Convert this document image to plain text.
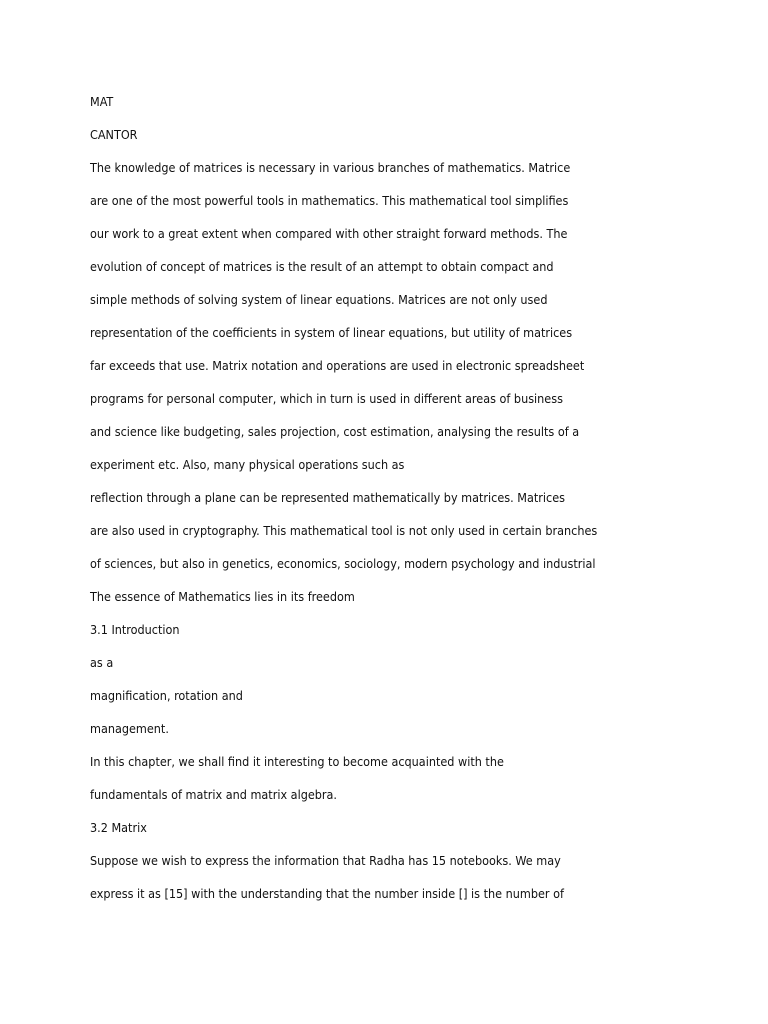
MAT

CANTOR

The knowledge of matrices is necessary in various branches of mathematics. Matrice

are one of the most powerful tools in mathematics. This mathematical tool simplifies

our work to a great extent when compared with other straight forward methods. The

evolution of concept of matrices is the result of an attempt to obtain compact and

simple methods of solving system of linear equations. Matrices are not only used

representation of the coefficients in system of linear equations, but utility of matrices

far exceeds that use. Matrix notation and operations are used in electronic spreadsheet

programs for personal computer, which in turn is used in different areas of business

and science like budgeting, sales projection, cost estimation, analysing the results of a

experiment etc. Also, many physical operations such as

reflection through a plane can be represented mathematically by matrices. Matrices

are also used in cryptography. This mathematical tool is not only used in certain branches

of sciences, but also in genetics, economics, sociology, modern psychology and industrial

The essence of Mathematics lies in its freedom

3.1 Introduction

as a

magnification, rotation and

management.

In this chapter, we shall find it interesting to become acquainted with the

fundamentals of matrix and matrix algebra.

3.2 Matrix

Suppose we wish to express the information that Radha has 15 notebooks. We may

express it as [15] with the understanding that the number inside [] is the number of
